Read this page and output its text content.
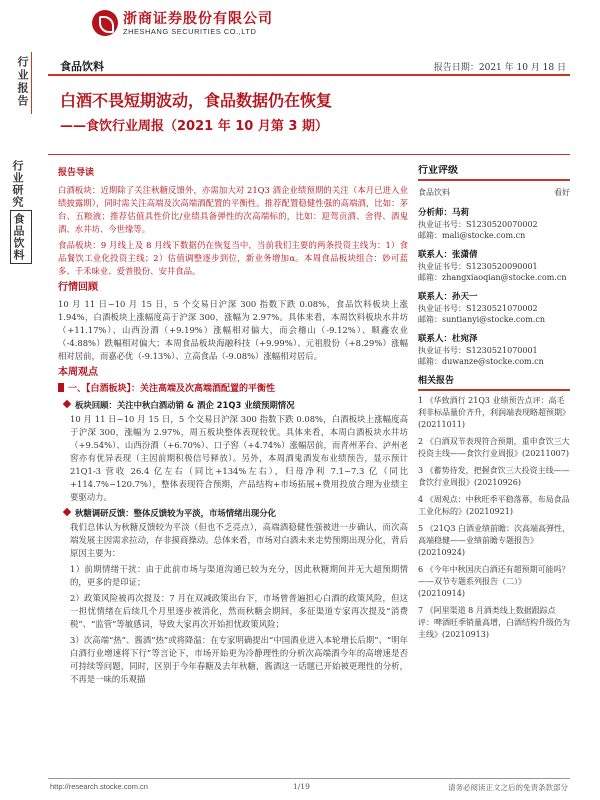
浙商证券股份有限公司
ZHESHANG SECURITIES CO.,LTD
行业报告	食品饮料	报告日期：2021 年 10 月 18 日
白酒不畏短期波动，食品数据仍在恢复
——食饮行业周报（2021 年 10 月第 3 期）
行业研究
食品饮料
报告导读
白酒板块：近期除了关注秋糖反馈外，亦需加大对 21Q3 酒企业绩预期的关注（本月已进入业绩披露期），同时需关注高端及次高端酒配置的平衡性。推荐配置稳健性强的高端酒，比如：茅台、五粮液；推荐估值具性价比/业绩具备弹性的次高端标的，比如：迎驾贡酒、舍得、酒鬼酒、水井坊、今世缘等。
食品板块：9 月线上及 8 月线下数据仍在恢复当中，当前我们主要的两条投资主线为：1）食品餐饮工业化投资主线；2）估值调整逐步到位，新业务增加α。本周食品板块组合：妙可蓝多、千禾味业、爱普股份、安井食品。
行情回顾
10 月 11 日~10 月 15 日，5 个交易日沪深 300 指数下跌 0.08%，食品饮料板块上涨 1.94%，白酒板块上涨幅度高于沪深 300，涨幅为 2.97%。具体来看，本周饮料板块水井坊（+11.17%）、山西汾酒（+9.19%）涨幅相对偏大，而会稽山（-9.12%）、顺鑫农业（-4.88%）跌幅相对偏大；本周食品板块海融科技（+9.99%）、元祖股份（+8.29%）涨幅相对居前，而嘉必优（-9.13%）、立高食品（-9.08%）涨幅相对居后。
本周观点
一、【白酒板块】：关注高端及次高端酒配置的平衡性
板块回顾：关注中秋白酒动销 & 酒企 21Q3 业绩预期情况
10 月 11 日~10 月 15 日，5 个交易日沪深 300 指数下跌 0.08%，白酒板块上涨幅度高于沪深 300，涨幅为 2.97%，周五板块整体表现较优。具体来看，本周白酒板块水井坊（+9.54%）、山西汾酒（+6.70%）、口子窖（+4.74%）涨幅居前，而青州茅台、泸州老窖亦有优异表现（主因前期积极信号释放）。另外，本周酒鬼酒发布业绩预告，显示预计 21Q1-3 营收 26.4 亿左右（同比+134%左右），归母净利 7.1~7.3 亿（同比+114.7%~120.7%），整体表现符合预期，产品结构+市场拓展+费用投放合理为业绩主要驱动力。
秋糖调研反馈：整体反馈较为平淡，市场情绪出现分化
我们总体认为秋糖反馈较为平淡（但也不乏亮点），高端酒稳健性强被进一步确认，而次高端发展主因需求拉动，存非摸商操动。总体来看，市场对白酒未来走势预期出现分化，背后原因主要为：
1）前期情绪干扰：由于此前市场与渠道沟通已较为充分，因此秋糖期间并无大超预期情的，更多的是印证；
2）政策风险被再次提及：7 月在双减政策出台下，市场曾普遍担心白酒的政策风险，但这一担忧情绪在后续几个月里逐步被消化，然而秋糖会期间，多征渠道专家再次提及“消费税”、“监管”等敏感词，导致大家再次开始担忧政策风险；
3）次高端“热”、酱酒“热”或将降温：在专家明确提出“中国酒业进入本轮增长后期”、“明年白酒行业增速将下行”等言论下，市场开始更为冷静理性的分析次高端酒今年的高增速是否可持续等问题，同时，区别于今年春糖及去年秋糖，酱酒这一话题已开始被更理性的分析，不再是一味的乐观描
行业评级
食品饮料	看好
分析师：马莉
执业证书号：S1230520070002
邮箱：mali@stocke.com.cn
联系人：张潇倩
执业证书号：S1230520090001
邮箱：zhangxiaoqian@stocke.com.cn
联系人：孙天一
执业证书号：S1230521070002
邮箱：suntianyi@stocke.com.cn
联系人：杜宛泽
执业证书号：S1230521070001
邮箱：duwanze@stocke.com.cn
相关报告
1 《华致酒行 21Q3 业绩预告点评：高毛利非标品量价齐升，利润端表现略超预期》(20211011)
2 《白酒双节表现符合预期，重申食饮三大投资主线——食饮行业周报》(20211007)
3 《蓄势待发，把握食饮三大投资主线——食饮行业周报》(20210926)
4 《周观点：中秋旺季平稳落幕，布局食品工业化标的》(20210921)
5 《21Q3 白酒业绩前瞻：次高端高弹性，高端稳健——业绩前瞻专题报告》(20210924)
6 《今年中秋国庆白酒还有超预期可能吗？——双节专题系列报告（二）》(20210914)
7 《阿里渠道 8 月酒类线上数据跟踪点评：啤酒旺季销量高增，白酒结构升级仍为主线》(20210913)
http://research.stocke.com.cn	1/19	请务必阅读正文之后的免责条款部分
